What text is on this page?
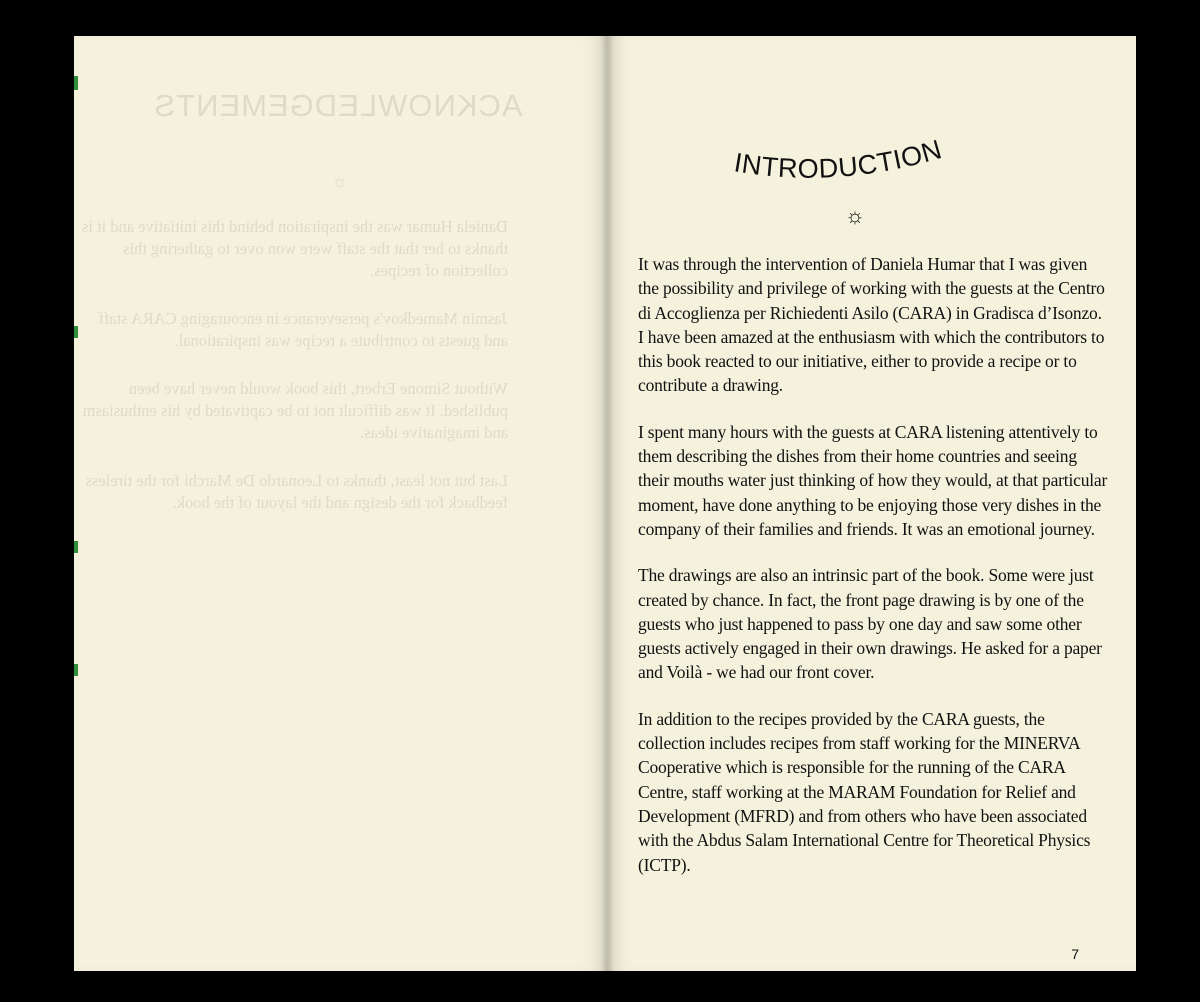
ACKNOWLEDGEMENTS
☼

Daniela Humar was the inspiration behind this initiative and it is thanks to her that the staff were won over to gathering this collection of recipes.

Jasmin Mamedkov's perseverance in encouraging CARA staff and guests to contribute a recipe was inspirational.

Without Simone Erbert, this book would never have been published. It was difficult not to be captivated by his enthusiasm and imaginative ideas.

Last but not least, thanks to Leonardo De Marchi for the tireless feedback for the design and the layout of the book.

INTRODUCTION
☼

It was through the intervention of Daniela Humar that I was given the possibility and privilege of working with the guests at the Centro di Accoglienza per Richiedenti Asilo (CARA) in Gradisca d’Isonzo. I have been amazed at the enthusiasm with which the contributors to this book reacted to our initiative, either to provide a recipe or to contribute a drawing.

I spent many hours with the guests at CARA listening attentively to them describing the dishes from their home countries and seeing their mouths water just thinking of how they would, at that particular moment, have done anything to be enjoying those very dishes in the company of their families and friends. It was an emotional journey.

The drawings are also an intrinsic part of the book. Some were just created by chance. In fact, the front page drawing is by one of the guests who just happened to pass by one day and saw some other guests actively engaged in their own drawings. He asked for a paper and Voilà - we had our front cover.

In addition to the recipes provided by the CARA guests, the collection includes recipes from staff working for the MINERVA Cooperative which is responsible for the running of the CARA Centre, staff working at the MARAM Foundation for Relief and Development (MFRD) and from others who have been associated with the Abdus Salam International Centre for Theoretical Physics (ICTP).

7
